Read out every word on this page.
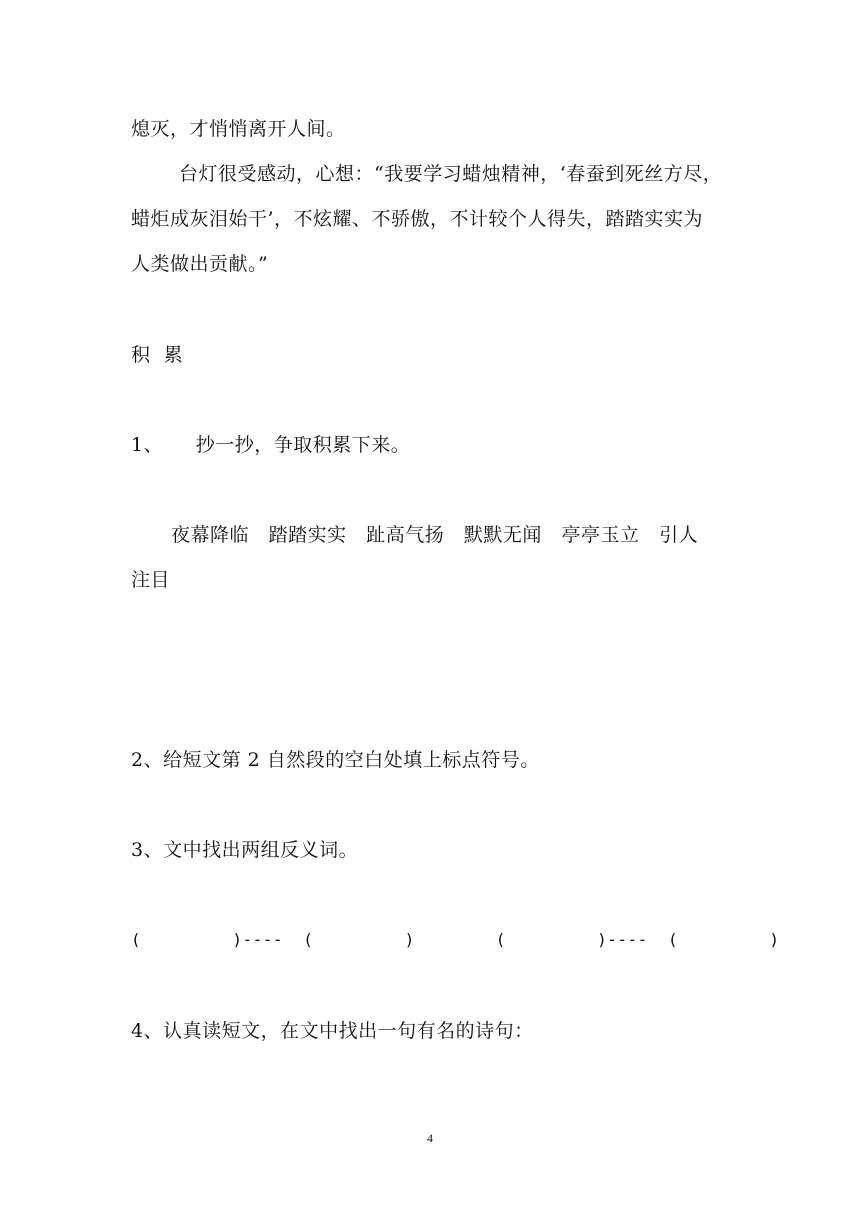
熄灭，才悄悄离开人间。
台灯很受感动，心想：“我要学习蜡烛精神，‘春蚕到死丝方尽，
蜡炬成灰泪始干’，不炫耀、不骄傲，不计较个人得失，踏踏实实为
人类做出贡献。”
积  累
1、     抄一抄，争取积累下来。
夜幕降临   踏踏实实   趾高气扬   默默无闻   亭亭玉立   引人
注目
2、给短文第 2 自然段的空白处填上标点符号。
3、文中找出两组反义词。
(         )----  (         )        (         )----  (         )
4、认真读短文，在文中找出一句有名的诗句：
4
